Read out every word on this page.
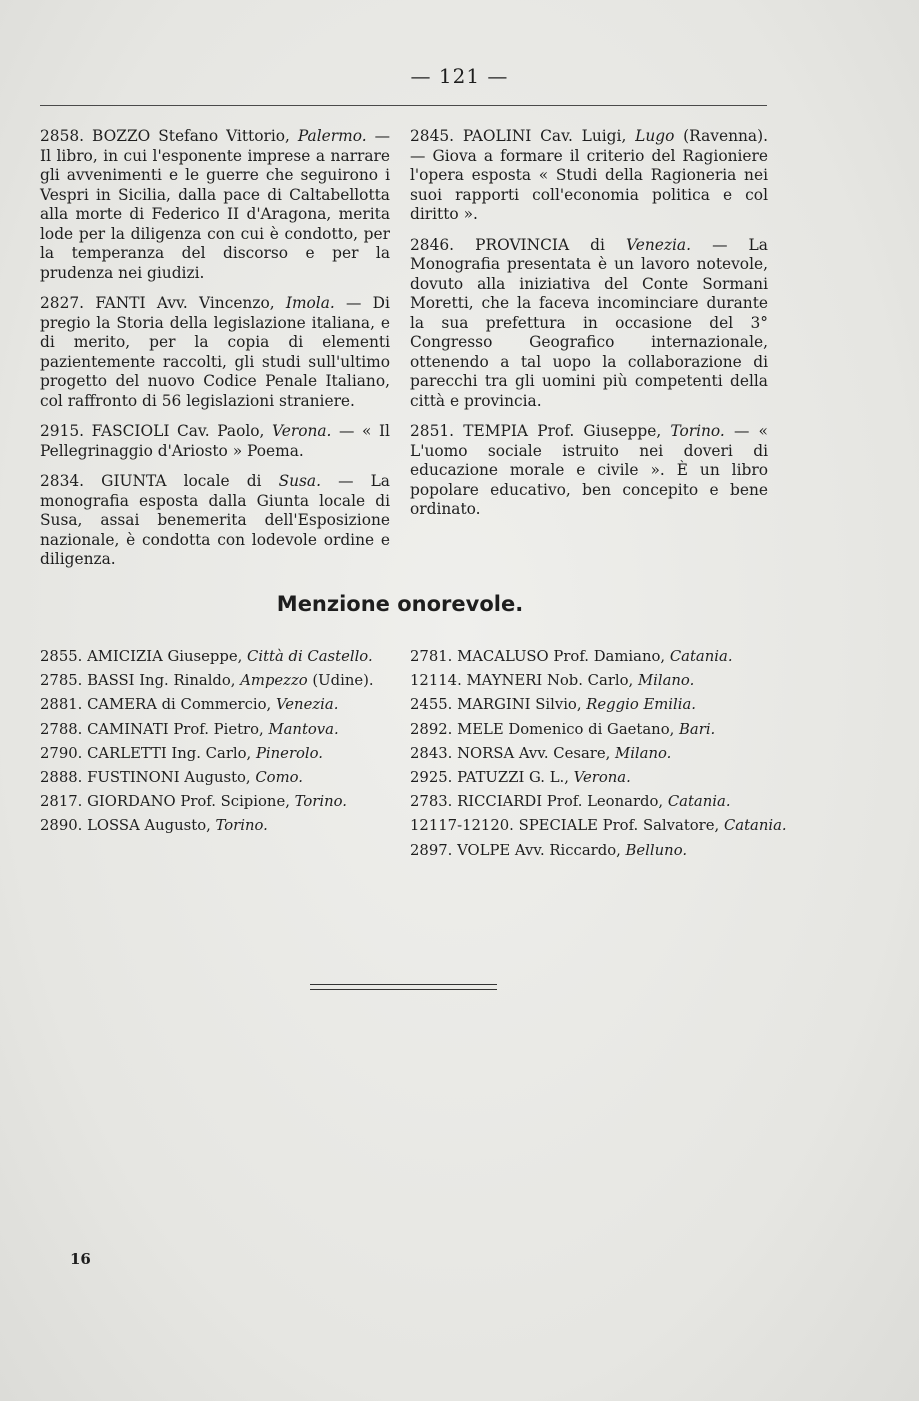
— 121 —

2858. BOZZO Stefano Vittorio, Palermo. — Il libro, in cui l'esponente imprese a narrare gli avvenimenti e le guerre che seguirono i Vespri in Sicilia, dalla pace di Caltabellotta alla morte di Federico II d'Aragona, merita lode per la diligenza con cui è condotto, per la temperanza del discorso e per la prudenza nei giudizi.

2827. FANTI Avv. Vincenzo, Imola. — Di pregio la Storia della legislazione italiana, e di merito, per la copia di elementi pazientemente raccolti, gli studi sull'ultimo progetto del nuovo Codice Penale Italiano, col raffronto di 56 legislazioni straniere.

2915. FASCIOLI Cav. Paolo, Verona. — « Il Pellegrinaggio d'Ariosto » Poema.

2834. GIUNTA locale di Susa. — La monografia esposta dalla Giunta locale di Susa, assai benemerita dell'Esposizione nazionale, è condotta con lodevole ordine e diligenza.

2845. PAOLINI Cav. Luigi, Lugo (Ravenna). — Giova a formare il criterio del Ragioniere l'opera esposta « Studi della Ragioneria nei suoi rapporti coll'economia politica e col diritto ».

2846. PROVINCIA di Venezia. — La Monografia presentata è un lavoro notevole, dovuto alla iniziativa del Conte Sormani Moretti, che la faceva incominciare durante la sua prefettura in occasione del 3° Congresso Geografico internazionale, ottenendo a tal uopo la collaborazione di parecchi tra gli uomini più competenti della città e provincia.

2851. TEMPIA Prof. Giuseppe, Torino. — « L'uomo sociale istruito nei doveri di educazione morale e civile ». È un libro popolare educativo, ben concepito e bene ordinato.

Menzione onorevole.
2855. AMICIZIA Giuseppe, Città di Castello.
2785. BASSI Ing. Rinaldo, Ampezzo (Udine).
2881. CAMERA di Commercio, Venezia.
2788. CAMINATI Prof. Pietro, Mantova.
2790. CARLETTI Ing. Carlo, Pinerolo.
2888. FUSTINONI Augusto, Como.
2817. GIORDANO Prof. Scipione, Torino.
2890. LOSSA Augusto, Torino.
2781. MACALUSO Prof. Damiano, Catania.
12114. MAYNERI Nob. Carlo, Milano.
2455. MARGINI Silvio, Reggio Emilia.
2892. MELE Domenico di Gaetano, Bari.
2843. NORSA Avv. Cesare, Milano.
2925. PATUZZI G. L., Verona.
2783. RICCIARDI Prof. Leonardo, Catania.
12117-12120. SPECIALE Prof. Salvatore, Catania.
2897. VOLPE Avv. Riccardo, Belluno.
16
